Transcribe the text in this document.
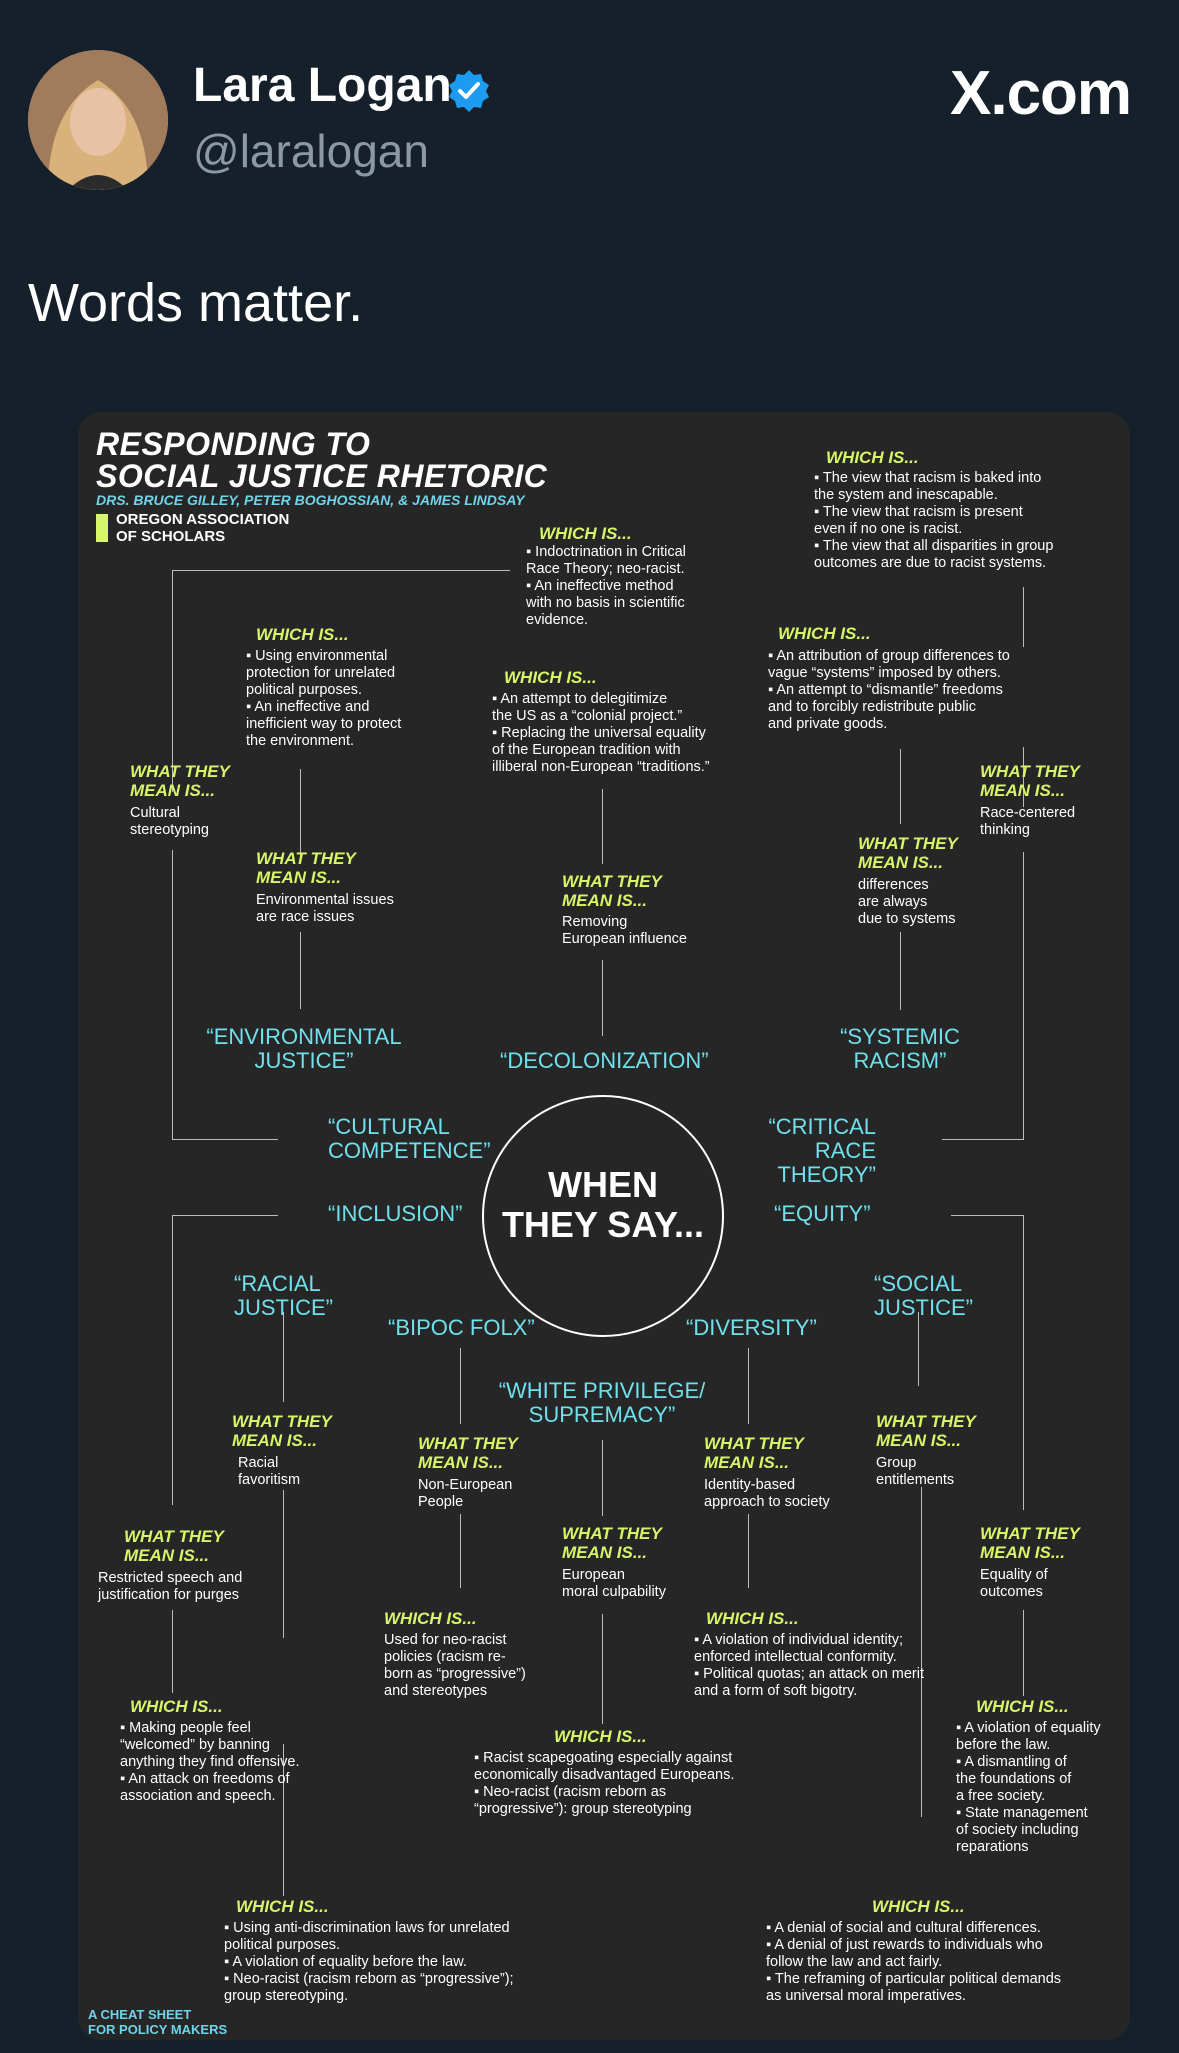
Lara Logan
@laralogan
X.com
Words matter.
RESPONDING TO
SOCIAL JUSTICE RHETORIC
DRS. BRUCE GILLEY, PETER BOGHOSSIAN, & JAMES LINDSAY
OREGON ASSOCIATION
OF SCHOLARS
WHEN
THEY SAY...
“ENVIRONMENTAL
JUSTICE”	“DECOLONIZATION”
“SYSTEMIC
RACISM”
“CULTURAL
COMPETENCE”
“CRITICAL
RACE THEORY”
“INCLUSION”	“EQUITY”
“RACIAL
JUSTICE”
“SOCIAL
JUSTICE”
“BIPOC FOLX”	“DIVERSITY”
“WHITE PRIVILEGE/
SUPREMACY”
WHICH IS...
▪ The view that racism is baked into
the system and inescapable.
▪ The view that racism is present
even if no one is racist.
▪ The view that all disparities in group
outcomes are due to racist systems.
WHICH IS...
▪ Indoctrination in Critical
Race Theory; neo-racist.
▪ An ineffective method
with no basis in scientific
evidence.
WHICH IS...
▪ Using environmental
protection for unrelated
political purposes.
▪ An ineffective and
inefficient way to protect
the environment.
WHICH IS...
▪ An attribution of group differences to
vague “systems” imposed by others.
▪ An attempt to “dismantle” freedoms
and to forcibly redistribute public
and private goods.
WHICH IS...
▪ An attempt to delegitimize
the US as a “colonial project.”
▪ Replacing the universal equality
of the European tradition with
illiberal non-European “traditions.”
WHAT THEY
MEAN IS...
Cultural
stereotyping
WHAT THEY
MEAN IS...
Race-centered
thinking
WHAT THEY
MEAN IS...
differences
are always
due to systems
WHAT THEY
MEAN IS...
Environmental issues
are race issues
WHAT THEY
MEAN IS...
Removing
European influence
WHAT THEY
MEAN IS...
Racial
favoritism
WHAT THEY
MEAN IS...
Non-European
People
WHAT THEY
MEAN IS...
Identity-based
approach to society
WHAT THEY
MEAN IS...
Group
entitlements
WHAT THEY
MEAN IS...
Restricted speech and
justification for purges
WHAT THEY
MEAN IS...
European
moral culpability
WHAT THEY
MEAN IS...
Equality of
outcomes
WHICH IS...
Used for neo-racist
policies (racism re-
born as “progressive”)
and stereotypes
WHICH IS...
▪ A violation of individual identity;
enforced intellectual conformity.
▪ Political quotas; an attack on merit
and a form of soft bigotry.
WHICH IS...
▪ Making people feel
“welcomed” by banning
anything they find offensive.
▪ An attack on freedoms of
association and speech.
WHICH IS...
▪ A violation of equality
before the law.
▪ A dismantling of
the foundations of
a free society.
▪ State management
of society including
reparations
WHICH IS...
▪ Racist scapegoating especially against
economically disadvantaged Europeans.
▪ Neo-racist (racism reborn as
“progressive”): group stereotyping
WHICH IS...
▪ Using anti-discrimination laws for unrelated
political purposes.
▪ A violation of equality before the law.
▪ Neo-racist (racism reborn as “progressive”);
group stereotyping.
WHICH IS...
▪ A denial of social and cultural differences.
▪ A denial of just rewards to individuals who
follow the law and act fairly.
▪ The reframing of particular political demands
as universal moral imperatives.
A CHEAT SHEET
FOR POLICY MAKERS
